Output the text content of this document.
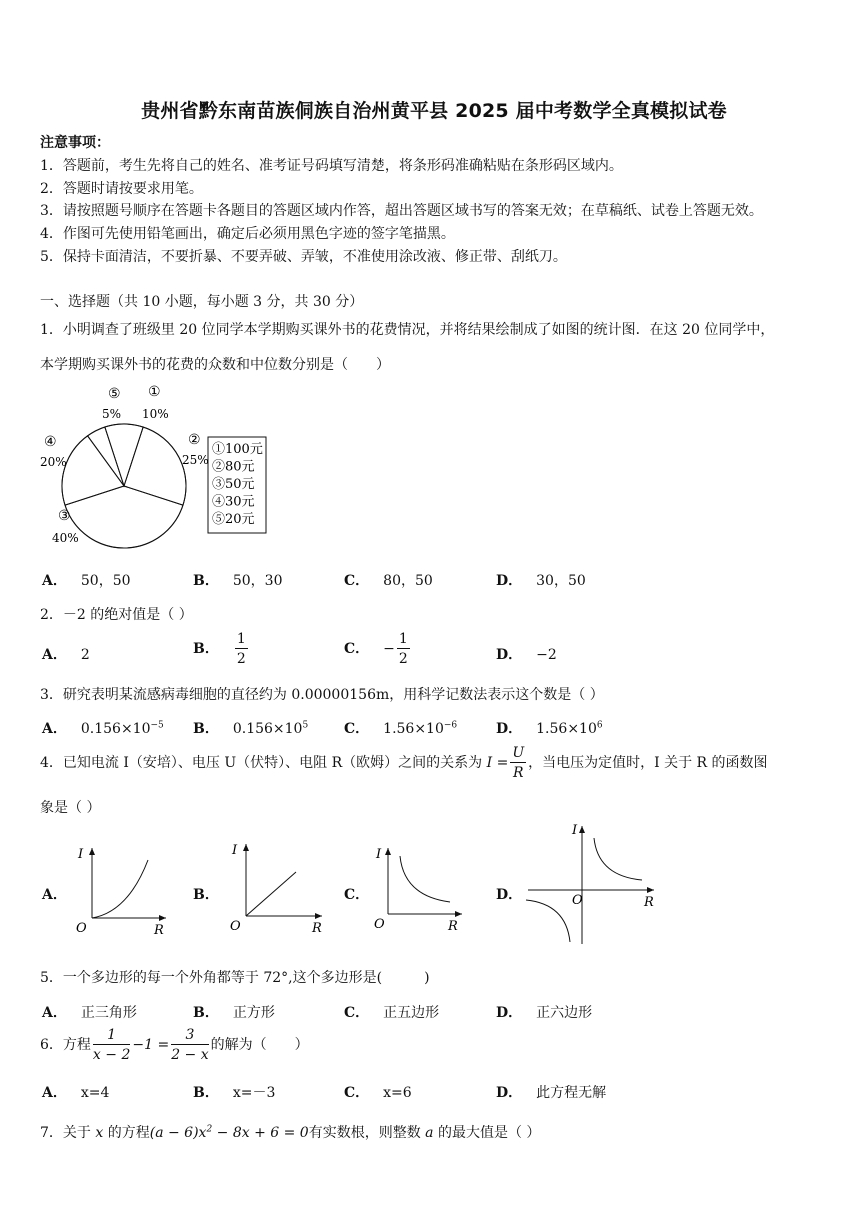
贵州省黔东南苗族侗族自治州黄平县 2025 届中考数学全真模拟试卷
注意事项：
1．答题前，考生先将自己的姓名、准考证号码填写清楚，将条形码准确粘贴在条形码区域内。
2．答题时请按要求用笔。
3．请按照题号顺序在答题卡各题目的答题区域内作答，超出答题区域书写的答案无效；在草稿纸、试卷上答题无效。
4．作图可先使用铅笔画出，确定后必须用黑色字迹的签字笔描黑。
5．保持卡面清洁，不要折暴、不要弄破、弄皱，不准使用涂改液、修正带、刮纸刀。
一、选择题（共 10 小题，每小题 3 分，共 30 分）
1．小明调查了班级里 20 位同学本学期购买课外书的花费情况，并将结果绘制成了如图的统计图．在这 20 位同学中，
本学期购买课外书的花费的众数和中位数分别是（　　）
①
10%
②
25%
③
40%
④
20%
⑤
5%
①100元
②80元
③50元
④30元
⑤20元
A． 50，50	B． 50，30	C． 80，50	D． 30，50
2．－2 的绝对值是（ ）
A． 2	B． $\frac{1}{2}$	C． − $\frac{1}{2}$	D． −2
3．研究表明某流感病毒细胞的直径约为 0.00000156m，用科学记数法表示这个数是（ ）
A． $0.156\times 10^{-5}$ B． $0.156\times 10^5$	C． $1.56\times 10^{-6}$	D． $1.56\times 10^6$
4．已知电流 I（安培）、电压 U（伏特）、电阻 R（欧姆）之间的关系为 $I = \frac{U}{R}$ ，当电压为定值时，I 关于 R 的函数图
象是（ ）
A．	B．	C．	D．
I
R
O
I
R
O
I
R
O
I
R
O
5．一个多边形的每一个外角都等于 72°,这个多边形是(　　　)
A． 正三角形	B． 正方形	C． 正五边形	D． 正六边形
6．方程 $\frac{1}{x - 2} -1 = \frac{3}{2 - x}$ 的解为（　　）
A． x=4	B． x=－3	C． x=6	D． 此方程无解
7．关于 x 的方程$(a - 6)x^2 - 8x + 6 = 0$有实数根，则整数 a 的最大值是（ ）
